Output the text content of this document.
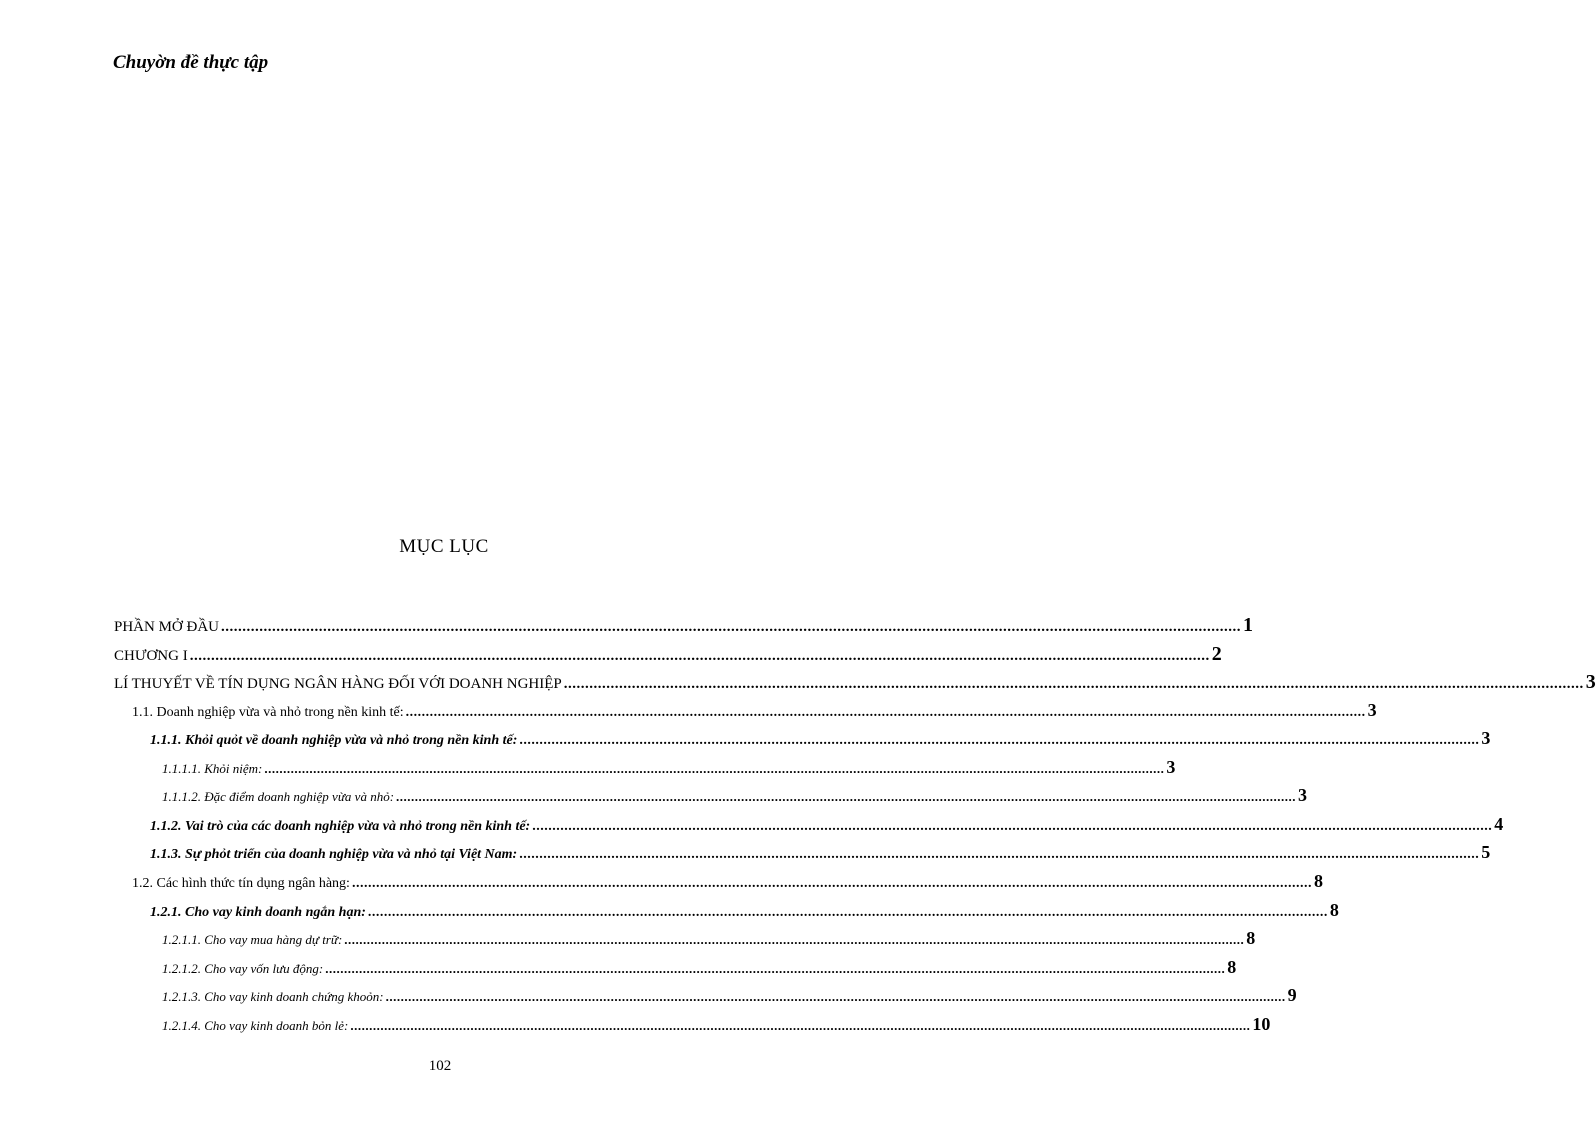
Chuyờn đề thực tập
MỤC LỤC
PHẦN MỞ ĐẦU ................................................................................................................................................................................................................................................ 1
CHƯƠNG I ................................................................................................................................................................................................................................................ 2
LÍ THUYẾT VỀ TÍN DỤNG NGÂN HÀNG ĐỐI VỚI DOANH NGHIỆP ................................................................................................................................................................................................................................................ 3
1.1. Doanh nghiệp vừa và nhỏ trong nền kinh tế: ................................................................................................................................................................................................................................................ 3
1.1.1. Khỏi quỏt về doanh nghiệp vừa và nhỏ trong nền kinh tế: ................................................................................................................................................................................................................................................ 3
1.1.1.1. Khỏi niệm: ................................................................................................................................................................................................................................................ 3
1.1.1.2. Đặc điểm doanh nghiệp vừa và nhỏ: ................................................................................................................................................................................................................................................ 3
1.1.2. Vai trò của các doanh nghiệp vừa và nhỏ trong nền kinh tế: ................................................................................................................................................................................................................................................ 4
1.1.3. Sự phỏt triển của doanh nghiệp vừa và nhỏ tại Việt Nam: ................................................................................................................................................................................................................................................ 5
1.2. Các hình thức tín dụng ngân hàng: ................................................................................................................................................................................................................................................ 8
1.2.1. Cho vay kinh doanh ngắn hạn: ................................................................................................................................................................................................................................................ 8
1.2.1.1. Cho vay mua hàng dự trữ: ................................................................................................................................................................................................................................................ 8
1.2.1.2. Cho vay vốn lưu động: ................................................................................................................................................................................................................................................ 8
1.2.1.3. Cho vay kinh doanh chứng khoỏn: ................................................................................................................................................................................................................................................ 9
1.2.1.4. Cho vay kinh doanh bỏn lẻ: ................................................................................................................................................................................................................................................ 10
102
